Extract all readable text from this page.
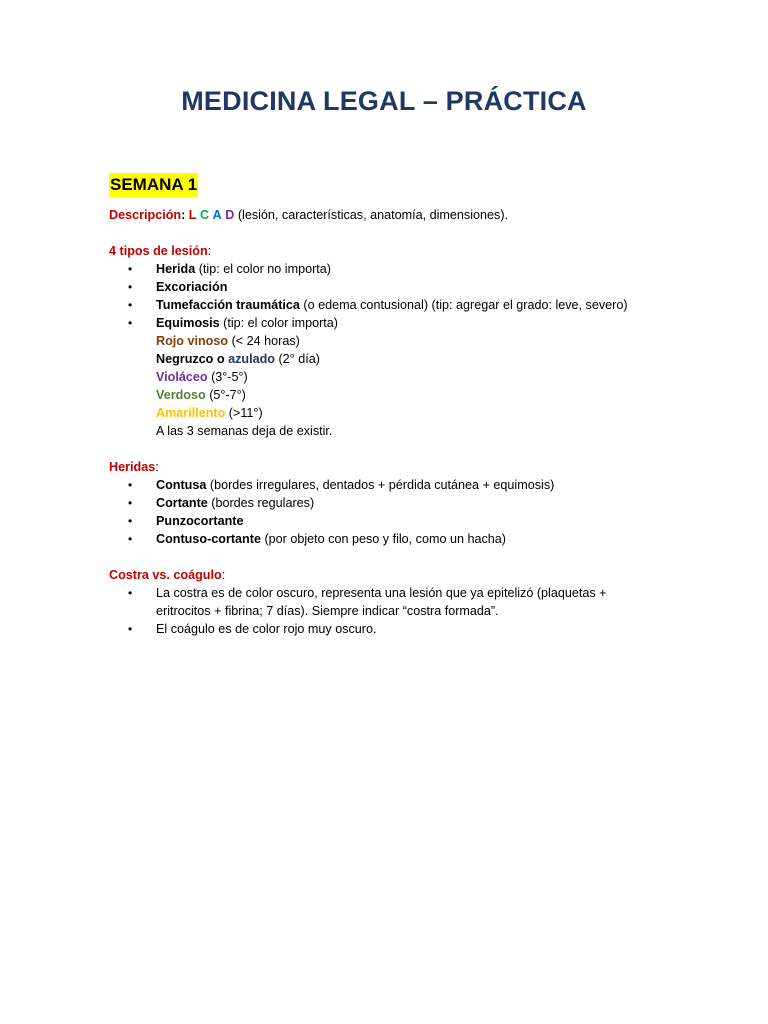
MEDICINA LEGAL – PRÁCTICA
SEMANA 1
Descripción: L C A D (lesión, características, anatomía, dimensiones).
4 tipos de lesión:
• Herida (tip: el color no importa)
• Excoriación
• Tumefacción traumática (o edema contusional) (tip: agregar el grado: leve, severo)
• Equimosis (tip: el color importa)
Rojo vinoso (< 24 horas)
Negruzco o azulado (2° día)
Violáceo (3°-5°)
Verdoso (5°-7°)
Amarillento (>11°)
A las 3 semanas deja de existir.
Heridas:
• Contusa (bordes irregulares, dentados + pérdida cutánea + equimosis)
• Cortante (bordes regulares)
• Punzocortante
• Contuso-cortante (por objeto con peso y filo, como un hacha)
Costra vs. coágulo:
• La costra es de color oscuro, representa una lesión que ya epitelizó (plaquetas + eritrocitos + fibrina; 7 días). Siempre indicar “costra formada”.
• El coágulo es de color rojo muy oscuro.
